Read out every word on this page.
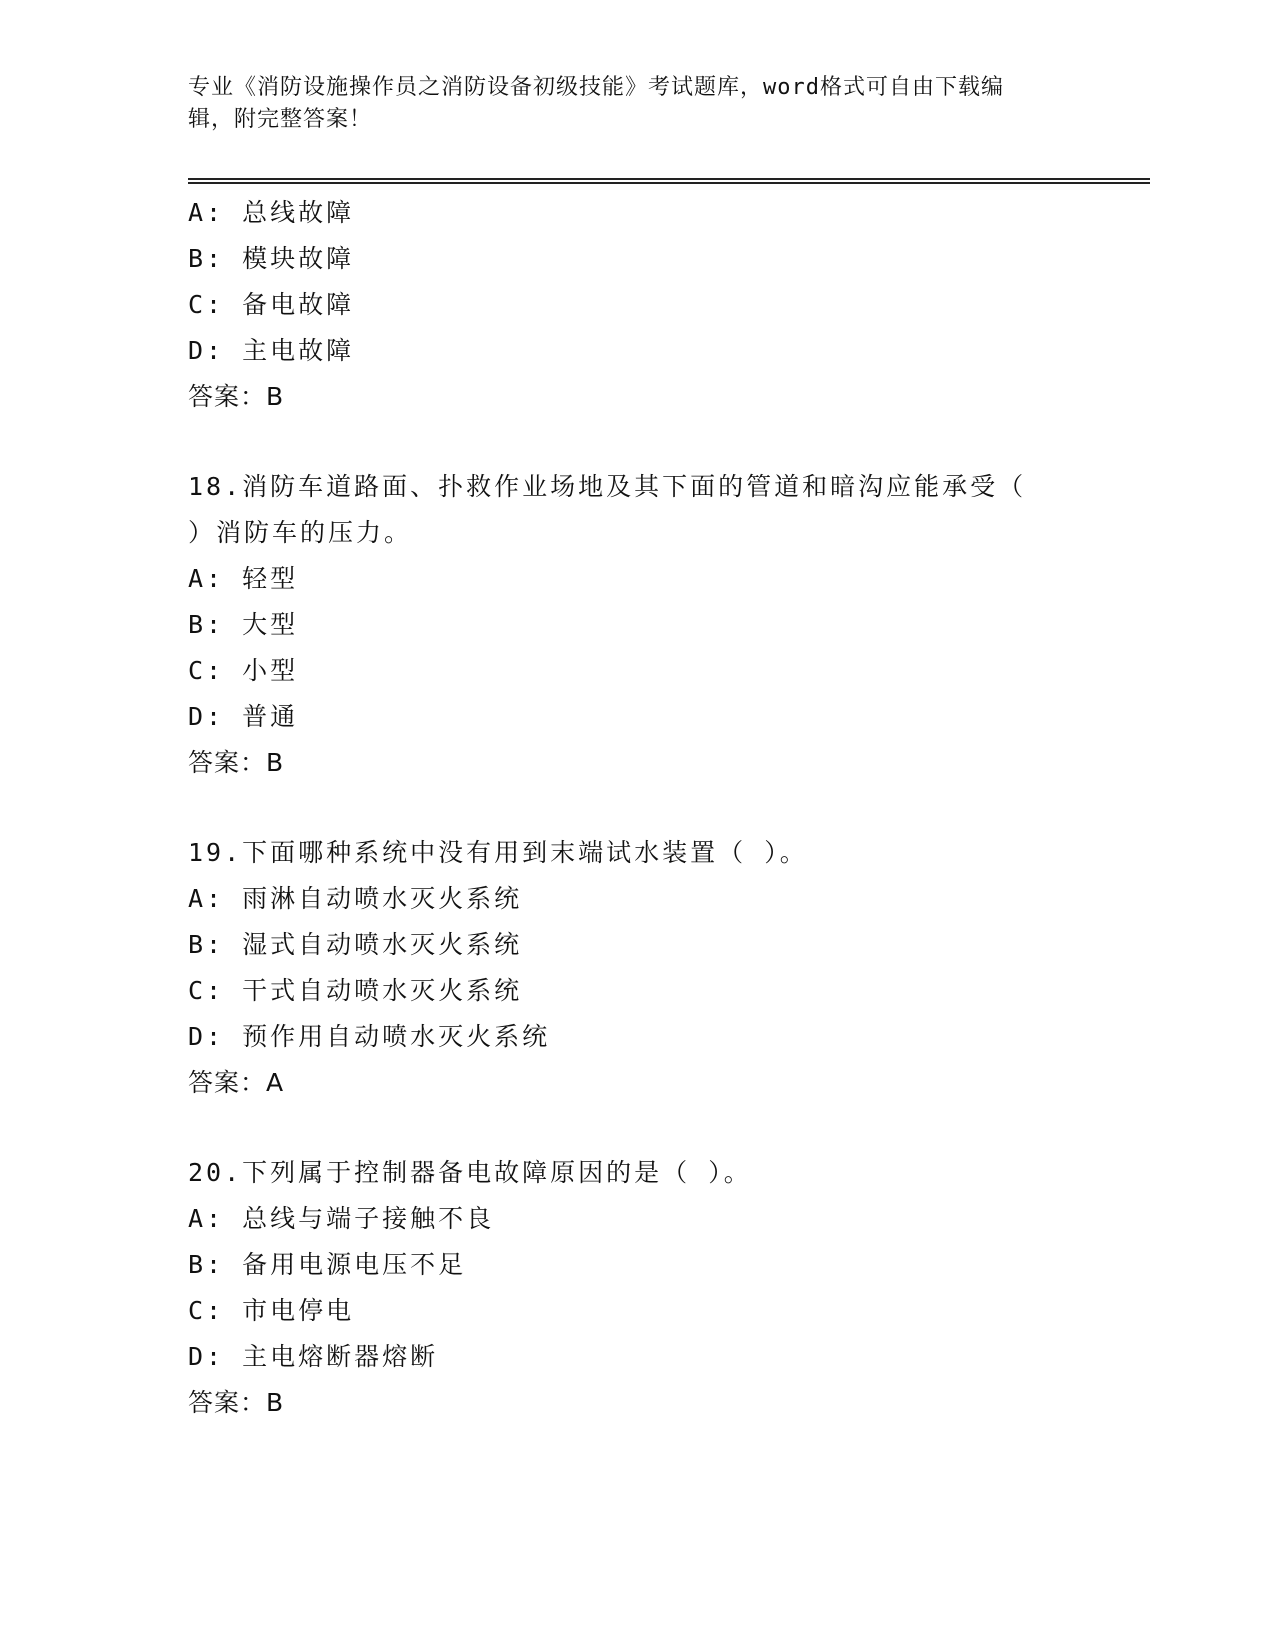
专业《消防设施操作员之消防设备初级技能》考试题库，word格式可自由下载编
辑，附完整答案！
A: 总线故障
B: 模块故障
C: 备电故障
D: 主电故障
答案：B
18.消防车道路面、扑救作业场地及其下面的管道和暗沟应能承受（
）消防车的压力。
A: 轻型
B: 大型
C: 小型
D: 普通
答案：B
19.下面哪种系统中没有用到末端试水装置（ ）。
A: 雨淋自动喷水灭火系统
B: 湿式自动喷水灭火系统
C: 干式自动喷水灭火系统
D: 预作用自动喷水灭火系统
答案：A
20.下列属于控制器备电故障原因的是（ ）。
A: 总线与端子接触不良
B: 备用电源电压不足
C: 市电停电
D: 主电熔断器熔断
答案：B
